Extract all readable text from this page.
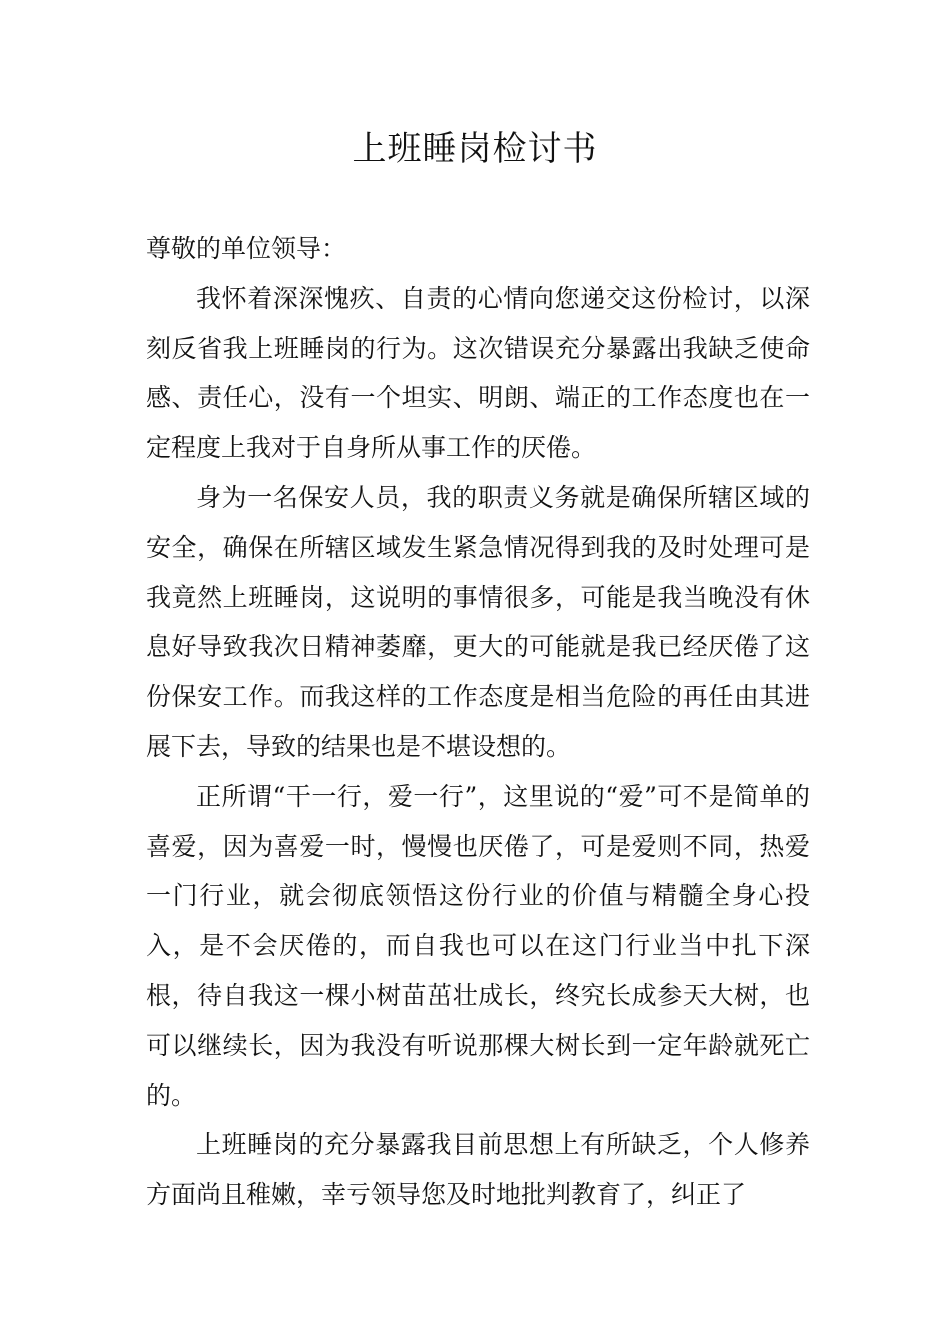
上班睡岗检讨书

尊敬的单位领导：

我怀着深深愧疚、自责的心情向您递交这份检讨，以深刻反省我上班睡岗的行为。这次错误充分暴露出我缺乏使命感、责任心，没有一个坦实、明朗、端正的工作态度也在一定程度上我对于自身所从事工作的厌倦。

身为一名保安人员，我的职责义务就是确保所辖区域的安全，确保在所辖区域发生紧急情况得到我的及时处理可是我竟然上班睡岗，这说明的事情很多，可能是我当晚没有休息好导致我次日精神萎靡，更大的可能就是我已经厌倦了这份保安工作。而我这样的工作态度是相当危险的再任由其进展下去，导致的结果也是不堪设想的。

正所谓“干一行，爱一行”，这里说的“爱”可不是简单的喜爱，因为喜爱一时，慢慢也厌倦了，可是爱则不同，热爱一门行业，就会彻底领悟这份行业的价值与精髓全身心投入，是不会厌倦的，而自我也可以在这门行业当中扎下深根，待自我这一棵小树苗茁壮成长，终究长成参天大树，也可以继续长，因为我没有听说那棵大树长到一定年龄就死亡的。

上班睡岗的充分暴露我目前思想上有所缺乏，个人修养方面尚且稚嫩，幸亏领导您及时地批判教育了，纠正了
